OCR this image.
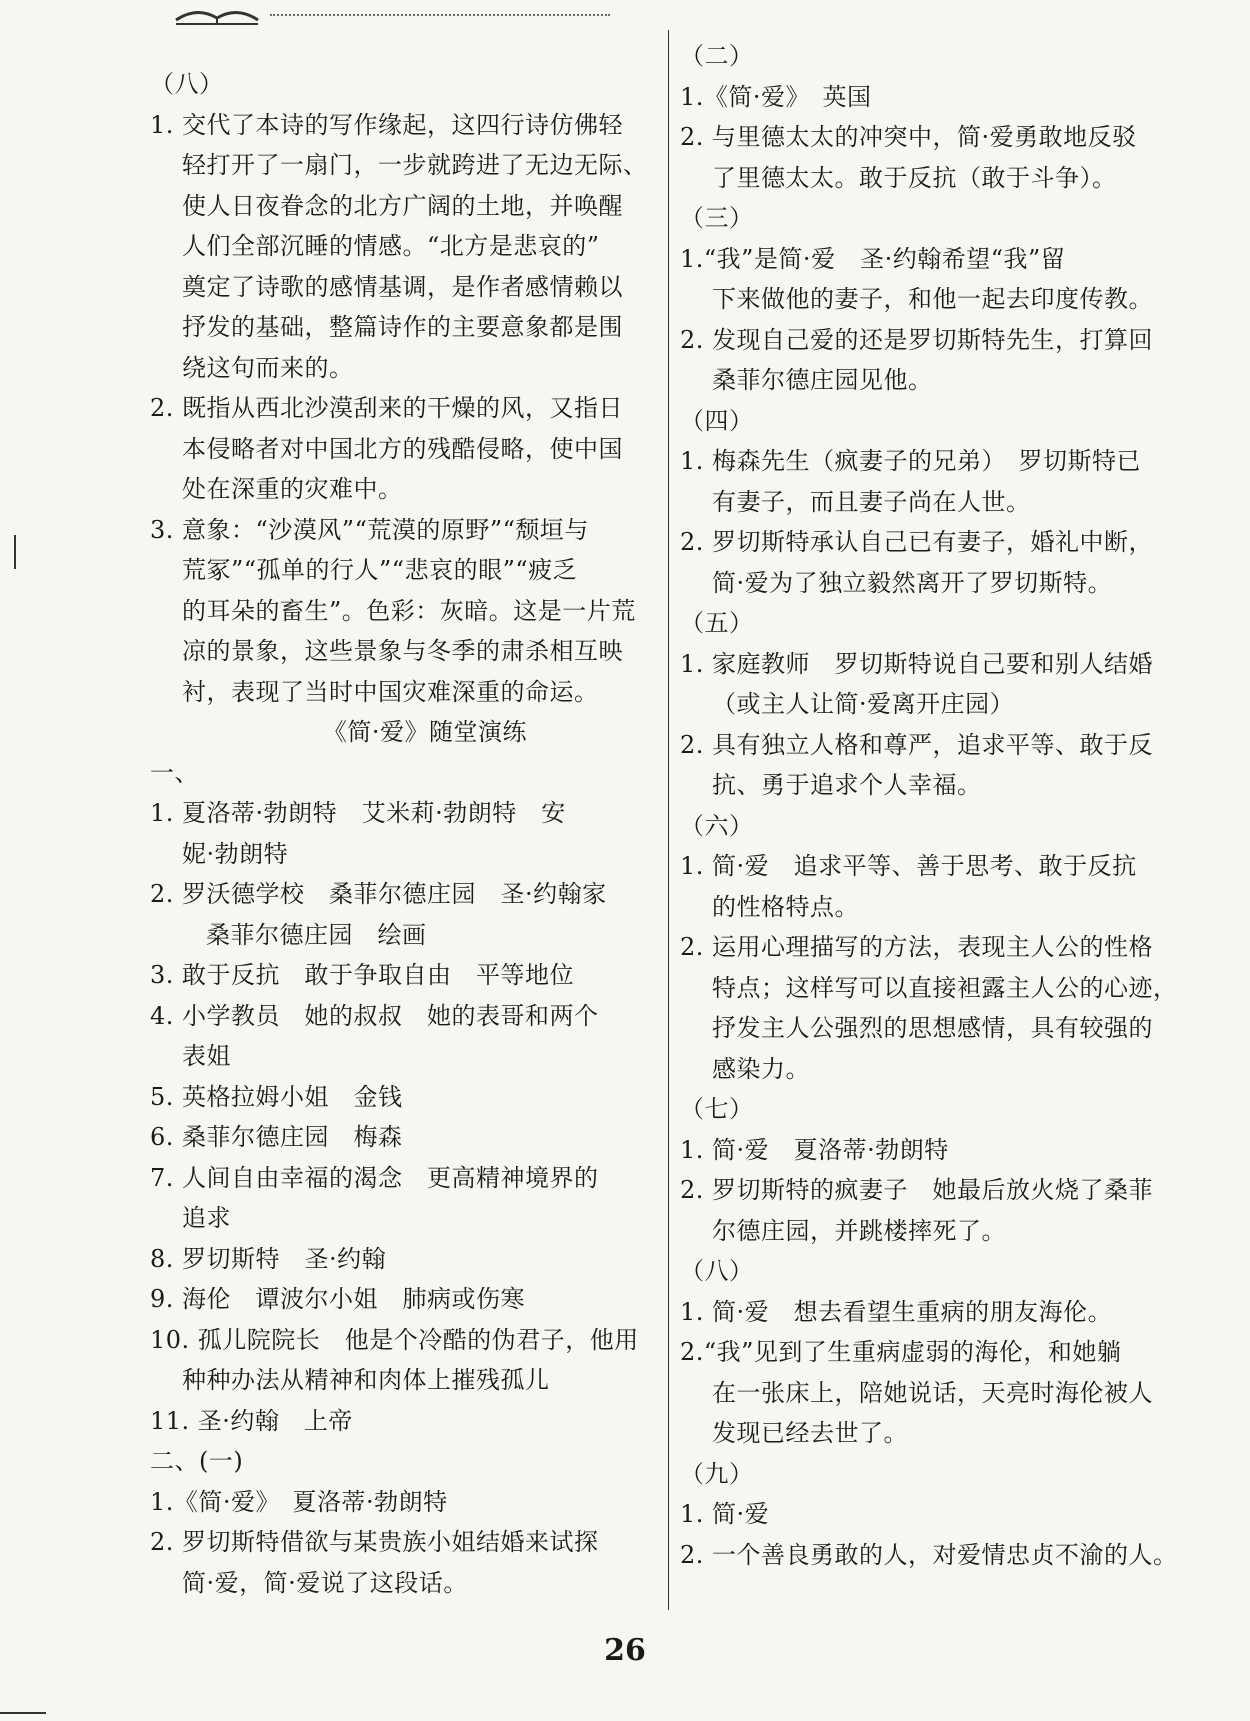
（八）
1. 交代了本诗的写作缘起，这四行诗仿佛轻
轻打开了一扇门，一步就跨进了无边无际、
使人日夜眷念的北方广阔的土地，并唤醒
人们全部沉睡的情感。“北方是悲哀的”
奠定了诗歌的感情基调，是作者感情赖以
抒发的基础，整篇诗作的主要意象都是围
绕这句而来的。
2. 既指从西北沙漠刮来的干燥的风，又指日
本侵略者对中国北方的残酷侵略，使中国
处在深重的灾难中。
3. 意象：“沙漠风”“荒漠的原野”“颓垣与
荒冢”“孤单的行人”“悲哀的眼”“疲乏
的耳朵的畜生”。色彩：灰暗。这是一片荒
凉的景象，这些景象与冬季的肃杀相互映
衬，表现了当时中国灾难深重的命运。
《简·爱》随堂演练
一、
1. 夏洛蒂·勃朗特　艾米莉·勃朗特　安
妮·勃朗特
2. 罗沃德学校　桑菲尔德庄园　圣·约翰家
桑菲尔德庄园　绘画
3. 敢于反抗　敢于争取自由　平等地位
4. 小学教员　她的叔叔　她的表哥和两个
表姐
5. 英格拉姆小姐　金钱
6. 桑菲尔德庄园　梅森
7. 人间自由幸福的渴念　更高精神境界的
追求
8. 罗切斯特　圣·约翰
9. 海伦　谭波尔小姐　肺病或伤寒
10. 孤儿院院长　他是个冷酷的伪君子，他用
种种办法从精神和肉体上摧残孤儿
11. 圣·约翰　上帝
二、(一)
1.《简·爱》　夏洛蒂·勃朗特
2. 罗切斯特借欲与某贵族小姐结婚来试探
简·爱，简·爱说了这段话。
（二）
1.《简·爱》　英国
2. 与里德太太的冲突中，简·爱勇敢地反驳
了里德太太。敢于反抗（敢于斗争）。
（三）
1.“我”是简·爱　圣·约翰希望“我”留
下来做他的妻子，和他一起去印度传教。
2. 发现自己爱的还是罗切斯特先生，打算回
桑菲尔德庄园见他。
（四）
1. 梅森先生（疯妻子的兄弟）　罗切斯特已
有妻子，而且妻子尚在人世。
2. 罗切斯特承认自己已有妻子，婚礼中断，
简·爱为了独立毅然离开了罗切斯特。
（五）
1. 家庭教师　罗切斯特说自己要和别人结婚
（或主人让简·爱离开庄园）
2. 具有独立人格和尊严，追求平等、敢于反
抗、勇于追求个人幸福。
（六）
1. 简·爱　追求平等、善于思考、敢于反抗
的性格特点。
2. 运用心理描写的方法，表现主人公的性格
特点；这样写可以直接袒露主人公的心迹，
抒发主人公强烈的思想感情，具有较强的
感染力。
（七）
1. 简·爱　夏洛蒂·勃朗特
2. 罗切斯特的疯妻子　她最后放火烧了桑菲
尔德庄园，并跳楼摔死了。
（八）
1. 简·爱　想去看望生重病的朋友海伦。
2.“我”见到了生重病虚弱的海伦，和她躺
在一张床上，陪她说话，天亮时海伦被人
发现已经去世了。
（九）
1. 简·爱
2. 一个善良勇敢的人，对爱情忠贞不渝的人。
26
